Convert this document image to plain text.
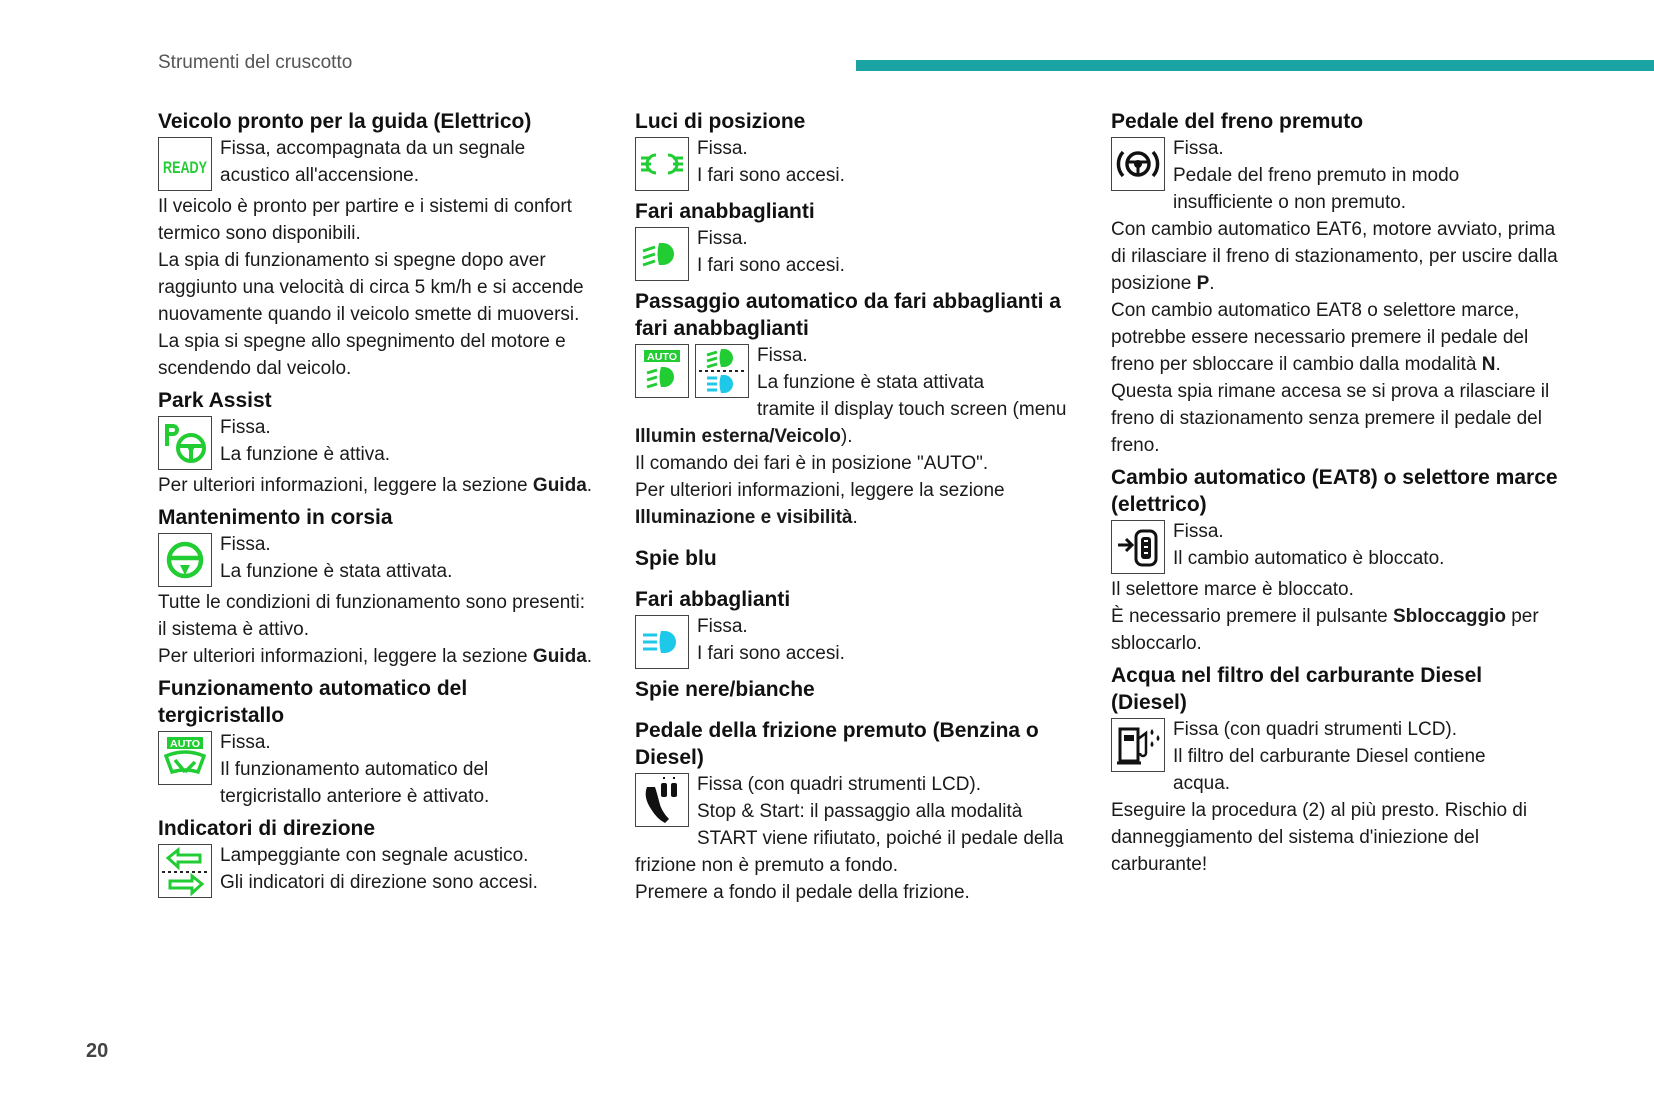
Strumenti del cruscotto
Veicolo pronto per la guida (Elettrico)
READY

Fissa, accompagnata da un segnale

acustico all'accensione.

Il veicolo è pronto per partire e i sistemi di confort termico sono disponibili.

La spia di funzionamento si spegne dopo aver raggiunto una velocità di circa 5 km/h e si accende nuovamente quando il veicolo smette di muoversi.

La spia si spegne allo spegnimento del motore e scendendo dal veicolo.

Park Assist

Fissa.

La funzione è attiva.

Per ulteriori informazioni, leggere la sezione Guida.

Mantenimento in corsia

Fissa.

La funzione è stata attivata.

Tutte le condizioni di funzionamento sono presenti: il sistema è attivo.

Per ulteriori informazioni, leggere la sezione Guida.

Funzionamento automatico del tergicristallo
AUTO	Fissa.

Il funzionamento automatico del

tergicristallo anteriore è attivato.

Indicatori di direzione

Lampeggiante con segnale acustico.

Gli indicatori di direzione sono accesi.

Luci di posizione

Fissa.

I fari sono accesi.

Fari anabbaglianti

Fissa.

I fari sono accesi.

Passaggio automatico da fari abbaglianti a fari anabbaglianti
AUTO	Fissa.

La funzione è stata attivata

tramite il display touch screen (menu Illumin esterna/Veicolo).

Il comando dei fari è in posizione "AUTO".

Per ulteriori informazioni, leggere la sezione Illuminazione e visibilità.

Spie blu
Fari abbaglianti

Fissa.

I fari sono accesi.

Spie nere/bianche
Pedale della frizione premuto (Benzina o Diesel)

Fissa (con quadri strumenti LCD).

Stop & Start: il passaggio alla modalità

START viene rifiutato, poiché il pedale della frizione non è premuto a fondo.

Premere a fondo il pedale della frizione.

Pedale del freno premuto

Fissa.

Pedale del freno premuto in modo

insufficiente o non premuto.

Con cambio automatico EAT6, motore avviato, prima di rilasciare il freno di stazionamento, per uscire dalla posizione P.

Con cambio automatico EAT8 o selettore marce, potrebbe essere necessario premere il pedale del freno per sbloccare il cambio dalla modalità N.

Questa spia rimane accesa se si prova a rilasciare il freno di stazionamento senza premere il pedale del freno.

Cambio automatico (EAT8) o selettore marce (elettrico)

Fissa.

Il cambio automatico è bloccato.

Il selettore marce è bloccato.

È necessario premere il pulsante Sbloccaggio per sbloccarlo.

Acqua nel filtro del carburante Diesel (Diesel)

Fissa (con quadri strumenti LCD).

Il filtro del carburante Diesel contiene

acqua.

Eseguire la procedura (2) al più presto. Rischio di danneggiamento del sistema d'iniezione del carburante!

20
